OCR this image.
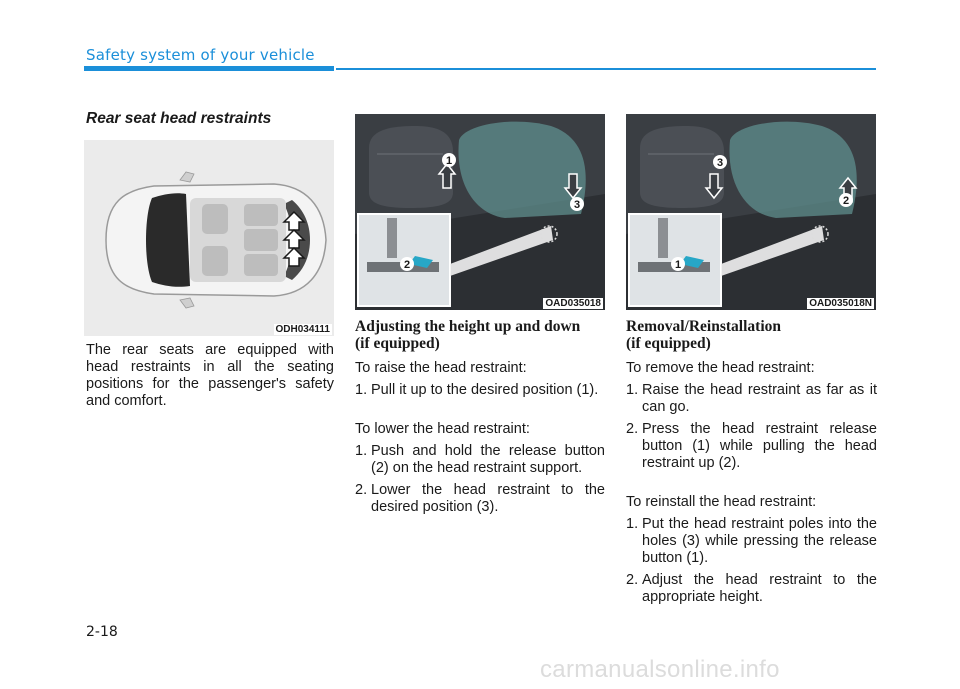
Safety system of your vehicle
Rear seat head restraints
ODH034111
1
2
3
OAD035018
1
2
3
OAD035018N

The rear seats are equipped with head restraints in all the seating positions for the passenger's safety and comfort.

Adjusting the height up and down
(if equipped)

To raise the head restraint:

1. Pull it up to the desired position (1).

To lower the head restraint:

1. Push and hold the release button (2) on the head restraint support.
2. Lower the head restraint to the desired position (3).
Removal/Reinstallation
(if equipped)

To remove the head restraint:

1. Raise the head restraint as far as it can go.
2. Press the head restraint release button (1) while pulling the head restraint up (2).

To reinstall the head restraint:

1. Put the head restraint poles into the holes (3) while pressing the release button (1).
2. Adjust the head restraint to the appropriate height.
2-18
carmanualsonline.info
